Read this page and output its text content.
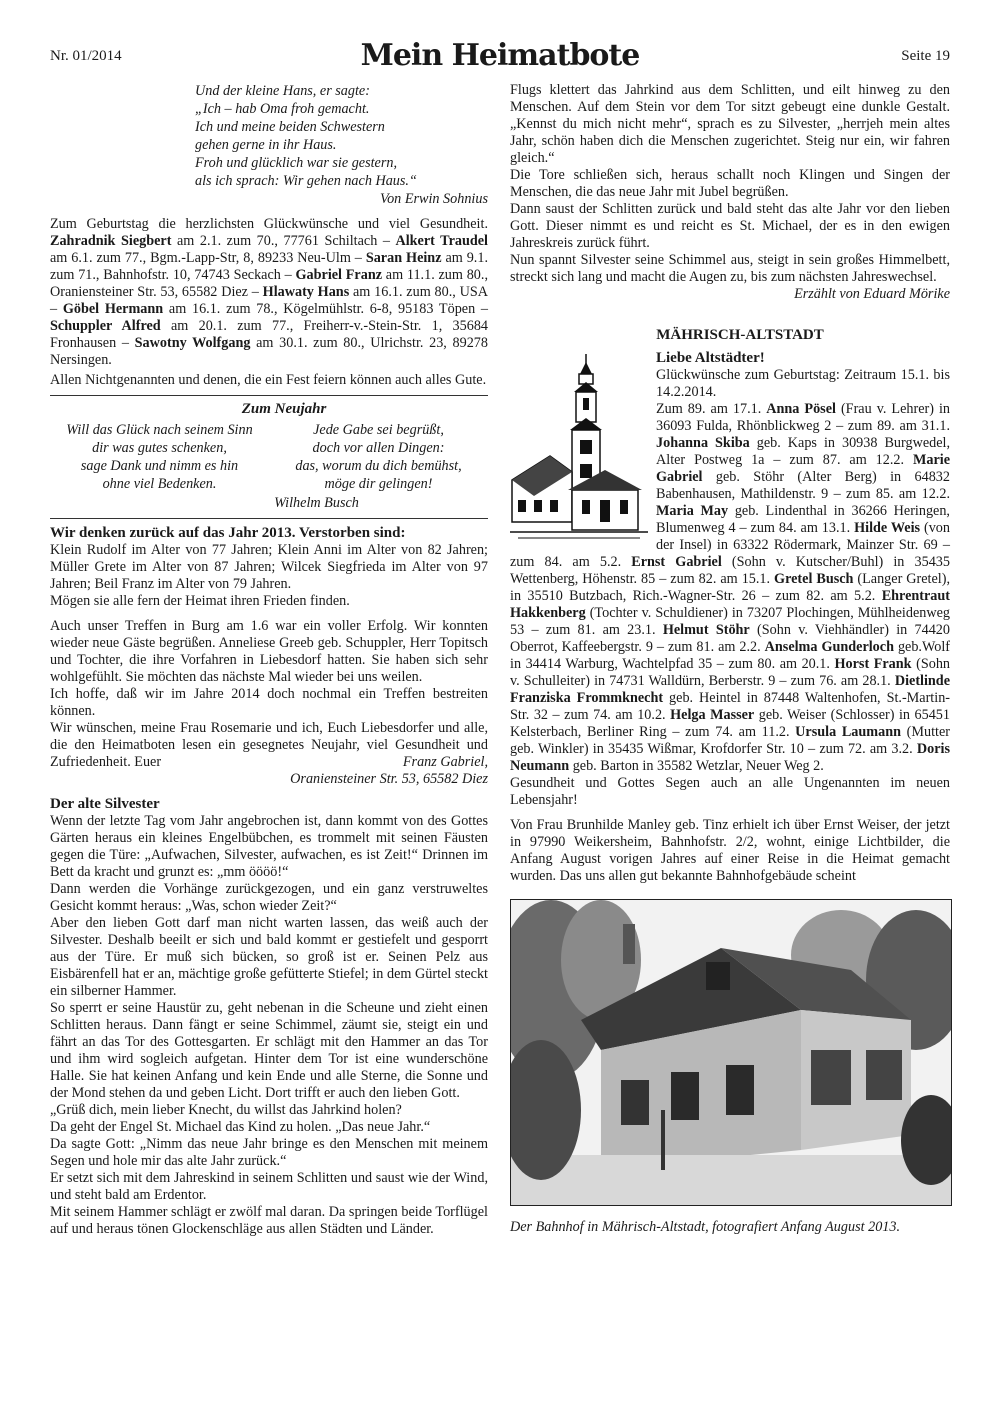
Nr. 01/2014	Mein Heimatbote	Seite 19
Und der kleine Hans, er sagte:
„Ich – hab Oma froh gemacht.
Ich und meine beiden Schwestern
gehen gerne in ihr Haus.
Froh und glücklich war sie gestern,
als ich sprach: Wir gehen nach Haus.“
Von Erwin Sohnius

Zum Geburtstag die herzlichsten Glückwünsche und viel Gesundheit. Zahradnik Siegbert am 2.1. zum 70., 77761 Schiltach – Alkert Traudel am 6.1. zum 77., Bgm.-Lapp-Str, 8, 89233 Neu-Ulm – Saran Heinz am 9.1. zum 71., Bahnhofstr. 10, 74743 Seckach – Gabriel Franz am 11.1. zum 80., Oraniensteiner Str. 53, 65582 Diez – Hlawaty Hans am 16.1. zum 80., USA – Göbel Hermann am 16.1. zum 78., Kögelmühlstr. 6-8, 95183 Töpen – Schuppler Alfred am 20.1. zum 77., Freiherr-v.-Stein-Str. 1, 35684 Fronhausen – Sawotny Wolfgang am 30.1. zum 80., Ulrichstr. 23, 89278 Nersingen.

Allen Nichtgenannten und denen, die ein Fest feiern können auch alles Gute.

Zum Neujahr
Will das Glück nach seinem Sinn
dir was gutes schenken,
sage Dank und nimm es hin
ohne viel Bedenken.
Jede Gabe sei begrüßt,
doch vor allen Dingen:
das, worum du dich bemühst,
möge dir gelingen!
Wilhelm Busch
Wir denken zurück auf das Jahr 2013. Verstorben sind:

Klein Rudolf im Alter von 77 Jahren; Klein Anni im Alter von 82 Jahren; Müller Grete im Alter von 87 Jahren; Wilcek Siegfrieda im Alter von 97 Jahren; Beil Franz im Alter von 79 Jahren.

Mögen sie alle fern der Heimat ihren Frieden finden.

Auch unser Treffen in Burg am 1.6 war ein voller Erfolg. Wir konnten wieder neue Gäste begrüßen. Anneliese Greeb geb. Schuppler, Herr Topitsch und Tochter, die ihre Vorfahren in Liebesdorf hatten. Sie haben sich sehr wohlgefühlt. Sie möchten das nächste Mal wieder bei uns weilen.

Ich hoffe, daß wir im Jahre 2014 doch nochmal ein Treffen bestreiten können.

Wir wünschen, meine Frau Rosemarie und ich, Euch Liebesdorfer und alle, die den Heimatboten lesen ein gesegnetes Neujahr, viel Gesundheit und Zufriedenheit. Euer	Franz Gabriel,

Oraniensteiner Str. 53, 65582 Diez
Der alte Silvester

Wenn der letzte Tag vom Jahr angebrochen ist, dann kommt von des Gottes Gärten heraus ein kleines Engelbübchen, es trommelt mit seinen Fäusten gegen die Türe: „Aufwachen, Silvester, aufwachen, es ist Zeit!“ Drinnen im Bett da kracht und grunzt es: „mm öööö!“

Dann werden die Vorhänge zurückgezogen, und ein ganz verstruweltes Gesicht kommt heraus: „Was, schon wieder Zeit?“

Aber den lieben Gott darf man nicht warten lassen, das weiß auch der Silvester. Deshalb beeilt er sich und bald kommt er gestiefelt und gesporrt aus der Türe. Er muß sich bücken, so groß ist er. Seinen Pelz aus Eisbärenfell hat er an, mächtige große gefütterte Stiefel; in dem Gürtel steckt ein silberner Hammer.

So sperrt er seine Haustür zu, geht nebenan in die Scheune und zieht einen Schlitten heraus. Dann fängt er seine Schimmel, zäumt sie, steigt ein und fährt an das Tor des Gottesgarten. Er schlägt mit den Hammer an das Tor und ihm wird sogleich aufgetan. Hinter dem Tor ist eine wunderschöne Halle. Sie hat keinen Anfang und kein Ende und alle Sterne, die Sonne und der Mond stehen da und geben Licht. Dort trifft er auch den lieben Gott.

„Grüß dich, mein lieber Knecht, du willst das Jahrkind holen?

Da geht der Engel St. Michael das Kind zu holen. „Das neue Jahr.“

Da sagte Gott: „Nimm das neue Jahr bringe es den Menschen mit meinem Segen und hole mir das alte Jahr zurück.“

Er setzt sich mit dem Jahreskind in seinem Schlitten und saust wie der Wind, und steht bald am Erdentor.

Mit seinem Hammer schlägt er zwölf mal daran. Da springen beide Torflügel auf und heraus tönen Glockenschläge aus allen Städten und Länder.

Flugs klettert das Jahrkind aus dem Schlitten, und eilt hinweg zu den Menschen. Auf dem Stein vor dem Tor sitzt gebeugt eine dunkle Gestalt. „Kennst du mich nicht mehr“, sprach es zu Silvester, „herrjeh mein altes Jahr, schön haben dich die Menschen zugerichtet. Steig nur ein, wir fahren gleich.“

Die Tore schließen sich, heraus schallt noch Klingen und Singen der Menschen, die das neue Jahr mit Jubel begrüßen.

Dann saust der Schlitten zurück und bald steht das alte Jahr vor den lieben Gott. Dieser nimmt es und reicht es St. Michael, der es in den ewigen Jahreskreis zurück führt.

Nun spannt Silvester seine Schimmel aus, steigt in sein großes Himmelbett, streckt sich lang und macht die Augen zu, bis zum nächsten Jahreswechsel.

Erzählt von Eduard Mörike
MÄHRISCH-ALTSTADT
Liebe Altstädter!

Glückwünsche zum Geburtstag: Zeitraum 15.1. bis 14.2.2014.

Zum 89. am 17.1. Anna Pösel (Frau v. Lehrer) in 36093 Fulda, Rhönblickweg 2 – zum 89. am 31.1. Johanna Skiba geb. Kaps in 30938 Burgwedel, Alter Postweg 1a – zum 87. am 12.2. Marie Gabriel geb. Stöhr (Alter Berg) in 64832 Babenhausen, Mathildenstr. 9 – zum 85. am 12.2. Maria May geb. Lindenthal in 36266 Heringen, Blumenweg 4 – zum 84. am 13.1. Hilde Weis (von der Insel) in 63322 Rödermark, Mainzer Str. 69 – zum 84. am 5.2. Ernst Gabriel (Sohn v. Kutscher/Buhl) in 35435 Wettenberg, Höhenstr. 85 – zum 82. am 15.1. Gretel Busch (Langer Gretel), in 35510 Butzbach, Rich.-Wagner-Str. 26 – zum 82. am 5.2. Ehrentraut Hakkenberg (Tochter v. Schuldiener) in 73207 Plochingen, Mühlheidenweg 53 – zum 81. am 23.1. Helmut Stöhr (Sohn v. Viehhändler) in 74420 Oberrot, Kaffeebergstr. 9 – zum 81. am 2.2. Anselma Gunderloch geb.Wolf in 34414 Warburg, Wachtelpfad 35 – zum 80. am 20.1. Horst Frank (Sohn v. Schulleiter) in 74731 Walldürn, Berberstr. 9 – zum 76. am 28.1. Dietlinde Franziska Frommknecht geb. Heintel in 87448 Waltenhofen, St.-Martin-Str. 32 – zum 74. am 10.2. Helga Masser geb. Weiser (Schlosser) in 65451 Kelsterbach, Berliner Ring – zum 74. am 11.2. Ursula Laumann (Mutter geb. Winkler) in 35435 Wißmar, Krofdorfer Str. 10 – zum 72. am 3.2. Doris Neumann geb. Barton in 35582 Wetzlar, Neuer Weg 2.

Gesundheit und Gottes Segen auch an alle Ungenannten im neuen Lebensjahr!

Von Frau Brunhilde Manley geb. Tinz erhielt ich über Ernst Weiser, der jetzt in 97990 Weikersheim, Bahnhofstr. 2/2, wohnt, einige Lichtbilder, die Anfang August vorigen Jahres auf einer Reise in die Heimat gemacht wurden. Das uns allen gut bekannte Bahnhofgebäude scheint

Der Bahnhof in Mährisch-Altstadt, fotografiert Anfang August 2013.
